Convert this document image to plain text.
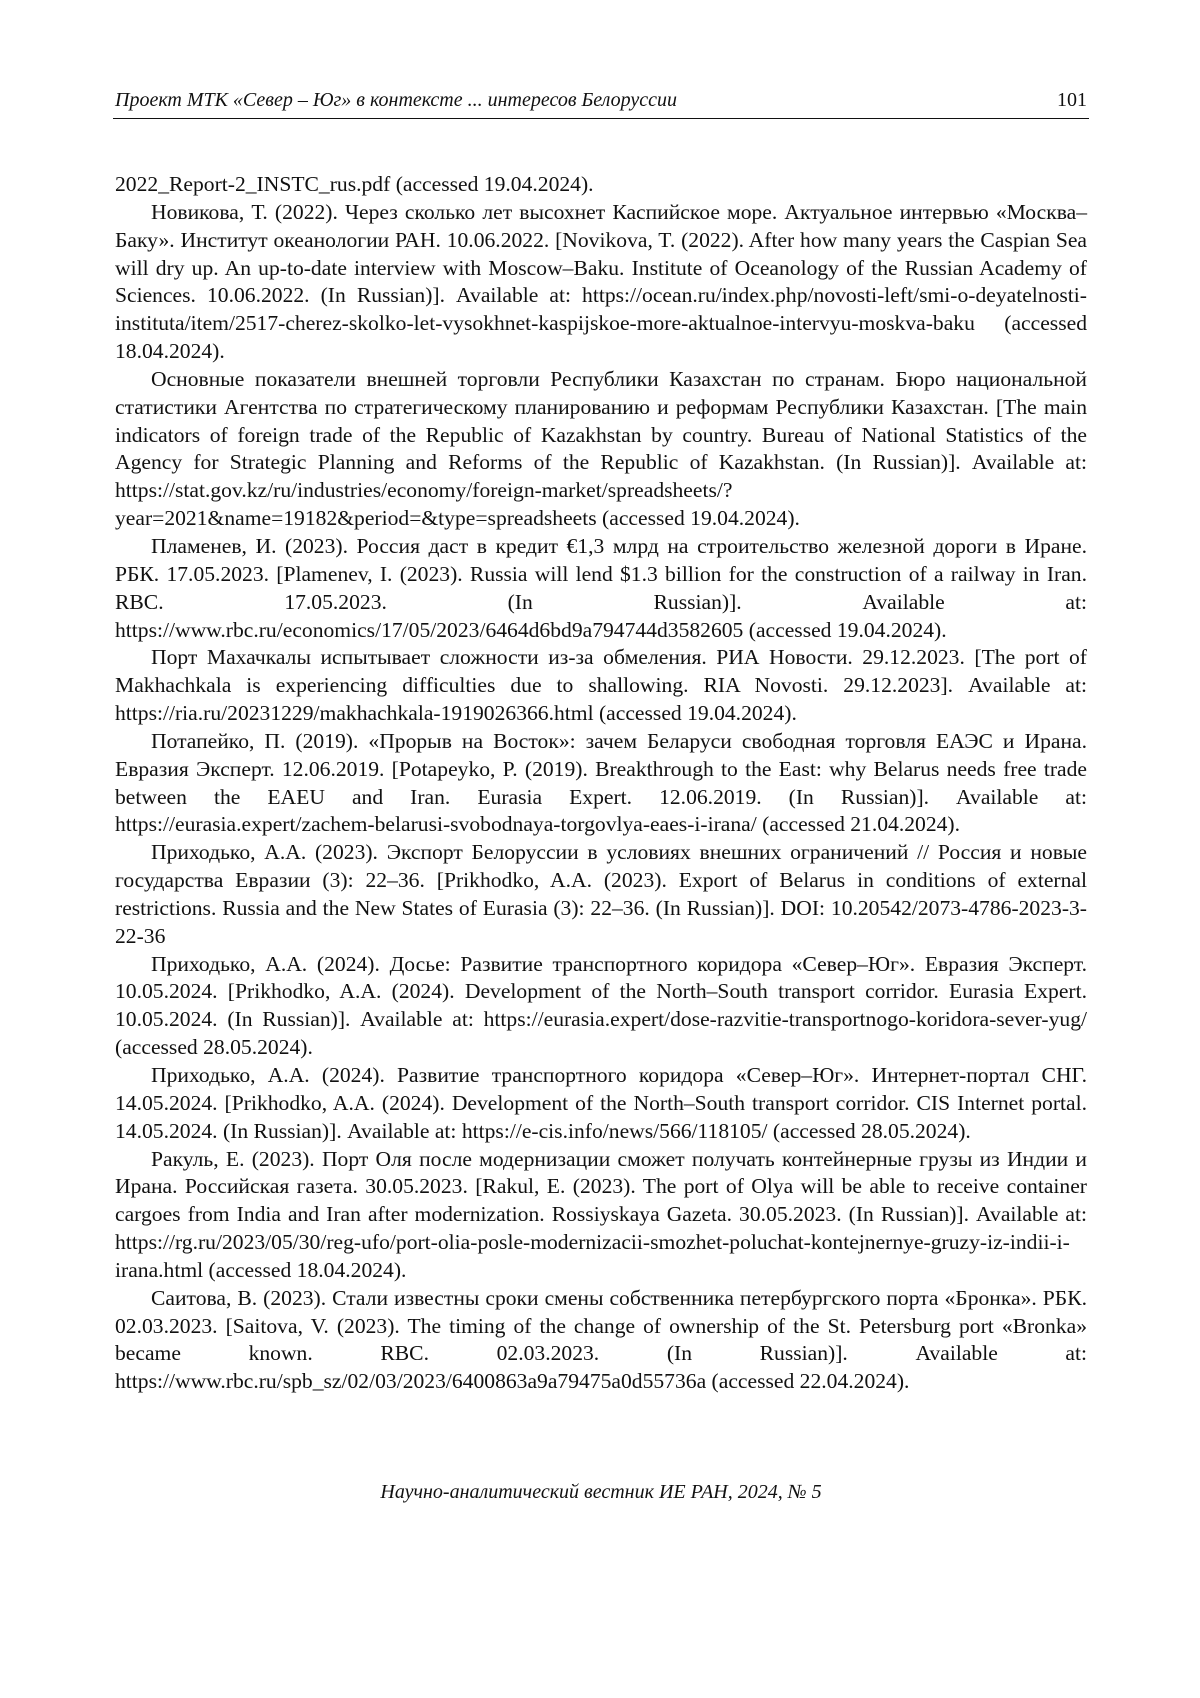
Проект МТК «Север – Юг» в контексте ... интересов Белоруссии	101

2022_Report-2_INSTC_rus.pdf (accessed 19.04.2024).

Новикова, Т. (2022). Через сколько лет высохнет Каспийское море. Актуальное интервью «Москва–Баку». Институт океанологии РАН. 10.06.2022. [Novikova, T. (2022). After how many years the Caspian Sea will dry up. An up-to-date interview with Moscow–Baku. Institute of Oceanology of the Russian Academy of Sciences. 10.06.2022. (In Russian)]. Available at: https://ocean.ru/index.php/novosti-left/smi-o-deyatelnosti-instituta/item/2517-cherez-skolko-let-vysokhnet-kaspijskoe-more-aktualnoe-intervyu-moskva-baku (accessed 18.04.2024).

Основные показатели внешней торговли Республики Казахстан по странам. Бюро национальной статистики Агентства по стратегическому планированию и реформам Республики Казахстан. [The main indicators of foreign trade of the Republic of Kazakhstan by country. Bureau of National Statistics of the Agency for Strategic Planning and Reforms of the Republic of Kazakhstan. (In Russian)]. Available at: https://stat.gov.kz/ru/industries/economy/foreign-market/spreadsheets/?year=2021&name=19182&period=&type=spreadsheets (accessed 19.04.2024).

Пламенев, И. (2023). Россия даст в кредит €1,3 млрд на строительство железной дороги в Иране. РБК. 17.05.2023. [Plamenev, I. (2023). Russia will lend $1.3 billion for the construction of a railway in Iran. RBC. 17.05.2023. (In Russian)]. Available at: https://www.rbc.ru/economics/17/05/2023/6464d6bd9a794744d3582605 (accessed 19.04.2024).

Порт Махачкалы испытывает сложности из-за обмеления. РИА Новости. 29.12.2023. [The port of Makhachkala is experiencing difficulties due to shallowing. RIA Novosti. 29.12.2023]. Available at: https://ria.ru/20231229/makhachkala-1919026366.html (accessed 19.04.2024).

Потапейко, П. (2019). «Прорыв на Восток»: зачем Беларуси свободная торговля ЕАЭС и Ирана. Евразия Эксперт. 12.06.2019. [Potapeyko, P. (2019). Breakthrough to the East: why Belarus needs free trade between the EAEU and Iran. Eurasia Expert. 12.06.2019. (In Russian)]. Available at: https://eurasia.expert/zachem-belarusi-svobodnaya-torgovlya-eaes-i-irana/ (accessed 21.04.2024).

Приходько, А.А. (2023). Экспорт Белоруссии в условиях внешних ограничений // Россия и новые государства Евразии (3): 22–36. [Prikhodko, A.A. (2023). Export of Belarus in conditions of external restrictions. Russia and the New States of Eurasia (3): 22–36. (In Russian)]. DOI: 10.20542/2073-4786-2023-3-22-36

Приходько, А.А. (2024). Досье: Развитие транспортного коридора «Север–Юг». Евразия Эксперт. 10.05.2024. [Prikhodko, A.A. (2024). Development of the North–South transport corridor. Eurasia Expert. 10.05.2024. (In Russian)]. Available at: https://eurasia.expert/dose-razvitie-transportnogo-koridora-sever-yug/ (accessed 28.05.2024).

Приходько, А.А. (2024). Развитие транспортного коридора «Север–Юг». Интернет-портал СНГ. 14.05.2024. [Prikhodko, A.A. (2024). Development of the North–South transport corridor. CIS Internet portal. 14.05.2024. (In Russian)]. Available at: https://e-cis.info/news/566/118105/ (accessed 28.05.2024).

Ракуль, Е. (2023). Порт Оля после модернизации сможет получать контейнерные грузы из Индии и Ирана. Российская газета. 30.05.2023. [Rakul, E. (2023). The port of Olya will be able to receive container cargoes from India and Iran after modernization. Rossiyskaya Gazeta. 30.05.2023. (In Russian)]. Available at: https://rg.ru/2023/05/30/reg-ufo/port-olia-posle-modernizacii-smozhet-poluchat-kontejnernye-gruzy-iz-indii-i-irana.html (accessed 18.04.2024).

Саитова, В. (2023). Стали известны сроки смены собственника петербургского порта «Бронка». РБК. 02.03.2023. [Saitova, V. (2023). The timing of the change of ownership of the St. Petersburg port «Bronka» became known. RBC. 02.03.2023. (In Russian)]. Available at: https://www.rbc.ru/spb_sz/02/03/2023/6400863a9a79475a0d55736a (accessed 22.04.2024).

Научно-аналитический вестник ИЕ РАН, 2024, № 5
